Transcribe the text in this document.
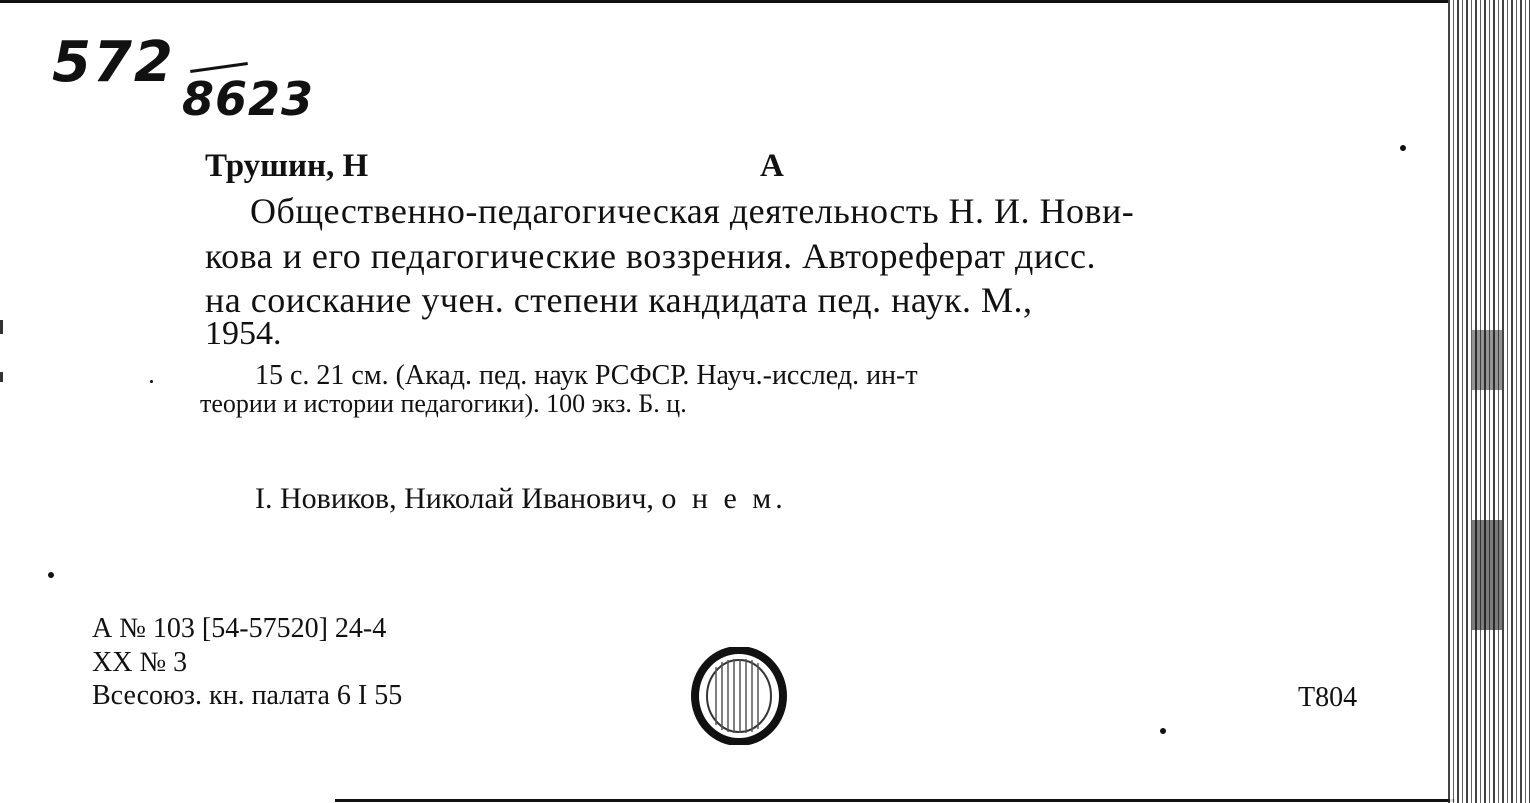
572
8623
Трушин, Н	А
Общественно-педагогическая деятельность Н. И. Нови-
кова и его педагогические воззрения. Автореферат дисс.
на соискание учен. степени кандидата пед. наук. М.,
1954.
15 с. 21 см. (Акад. пед. наук РСФСР. Науч.-исслед. ин-т
теории и истории педагогики). 100 экз. Б. ц.
I. Новиков, Николай Иванович, о н е м.
А № 103 [54-57520] 24-4
XX № 3
Всесоюз. кн. палата 6 I 55	Т804
